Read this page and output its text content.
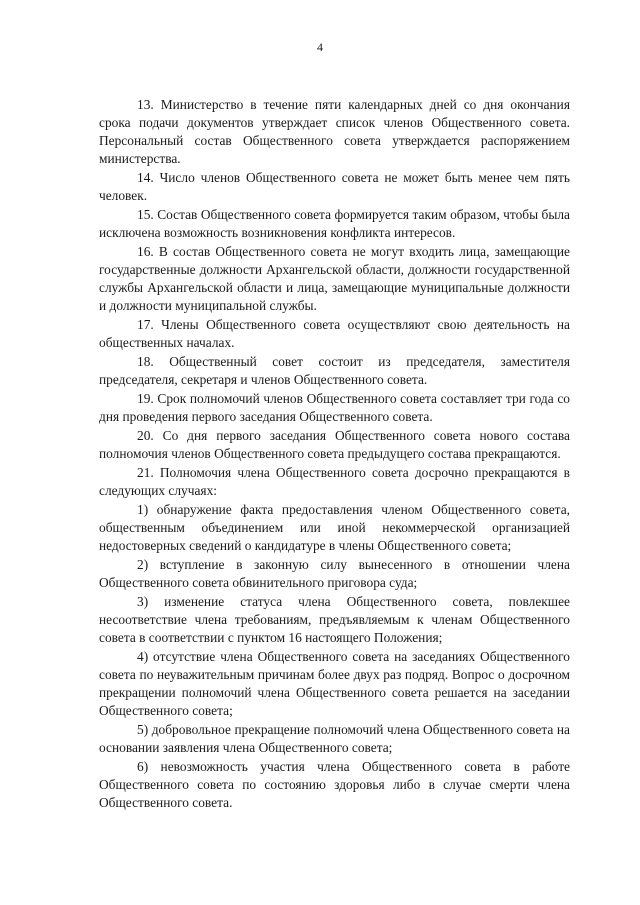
4

13. Министерство в течение пяти календарных дней со дня окончания срока подачи документов утверждает список членов Общественного совета. Персональный состав Общественного совета утверждается распоряжением министерства.

14. Число членов Общественного совета не может быть менее чем пять человек.

15. Состав Общественного совета формируется таким образом, чтобы была исключена возможность возникновения конфликта интересов.

16. В состав Общественного совета не могут входить лица, замещающие государственные должности Архангельской области, должности государственной службы Архангельской области и лица, замещающие муниципальные должности и должности муниципальной службы.

17. Члены Общественного совета осуществляют свою деятельность на общественных началах.

18. Общественный совет состоит из председателя, заместителя председателя, секретаря и членов Общественного совета.

19. Срок полномочий членов Общественного совета составляет три года со дня проведения первого заседания Общественного совета.

20. Со дня первого заседания Общественного совета нового состава полномочия членов Общественного совета предыдущего состава прекращаются.

21. Полномочия члена Общественного совета досрочно прекращаются в следующих случаях:

1) обнаружение факта предоставления членом Общественного совета, общественным объединением или иной некоммерческой организацией недостоверных сведений о кандидатуре в члены Общественного совета;

2) вступление в законную силу вынесенного в отношении члена Общественного совета обвинительного приговора суда;

3) изменение статуса члена Общественного совета, повлекшее несоответствие члена требованиям, предъявляемым к членам Общественного совета в соответствии с пунктом 16 настоящего Положения;

4) отсутствие члена Общественного совета на заседаниях Общественного совета по неуважительным причинам более двух раз подряд. Вопрос о досрочном прекращении полномочий члена Общественного совета решается на заседании Общественного совета;

5) добровольное прекращение полномочий члена Общественного совета на основании заявления члена Общественного совета;

6) невозможность участия члена Общественного совета в работе Общественного совета по состоянию здоровья либо в случае смерти члена Общественного совета.
